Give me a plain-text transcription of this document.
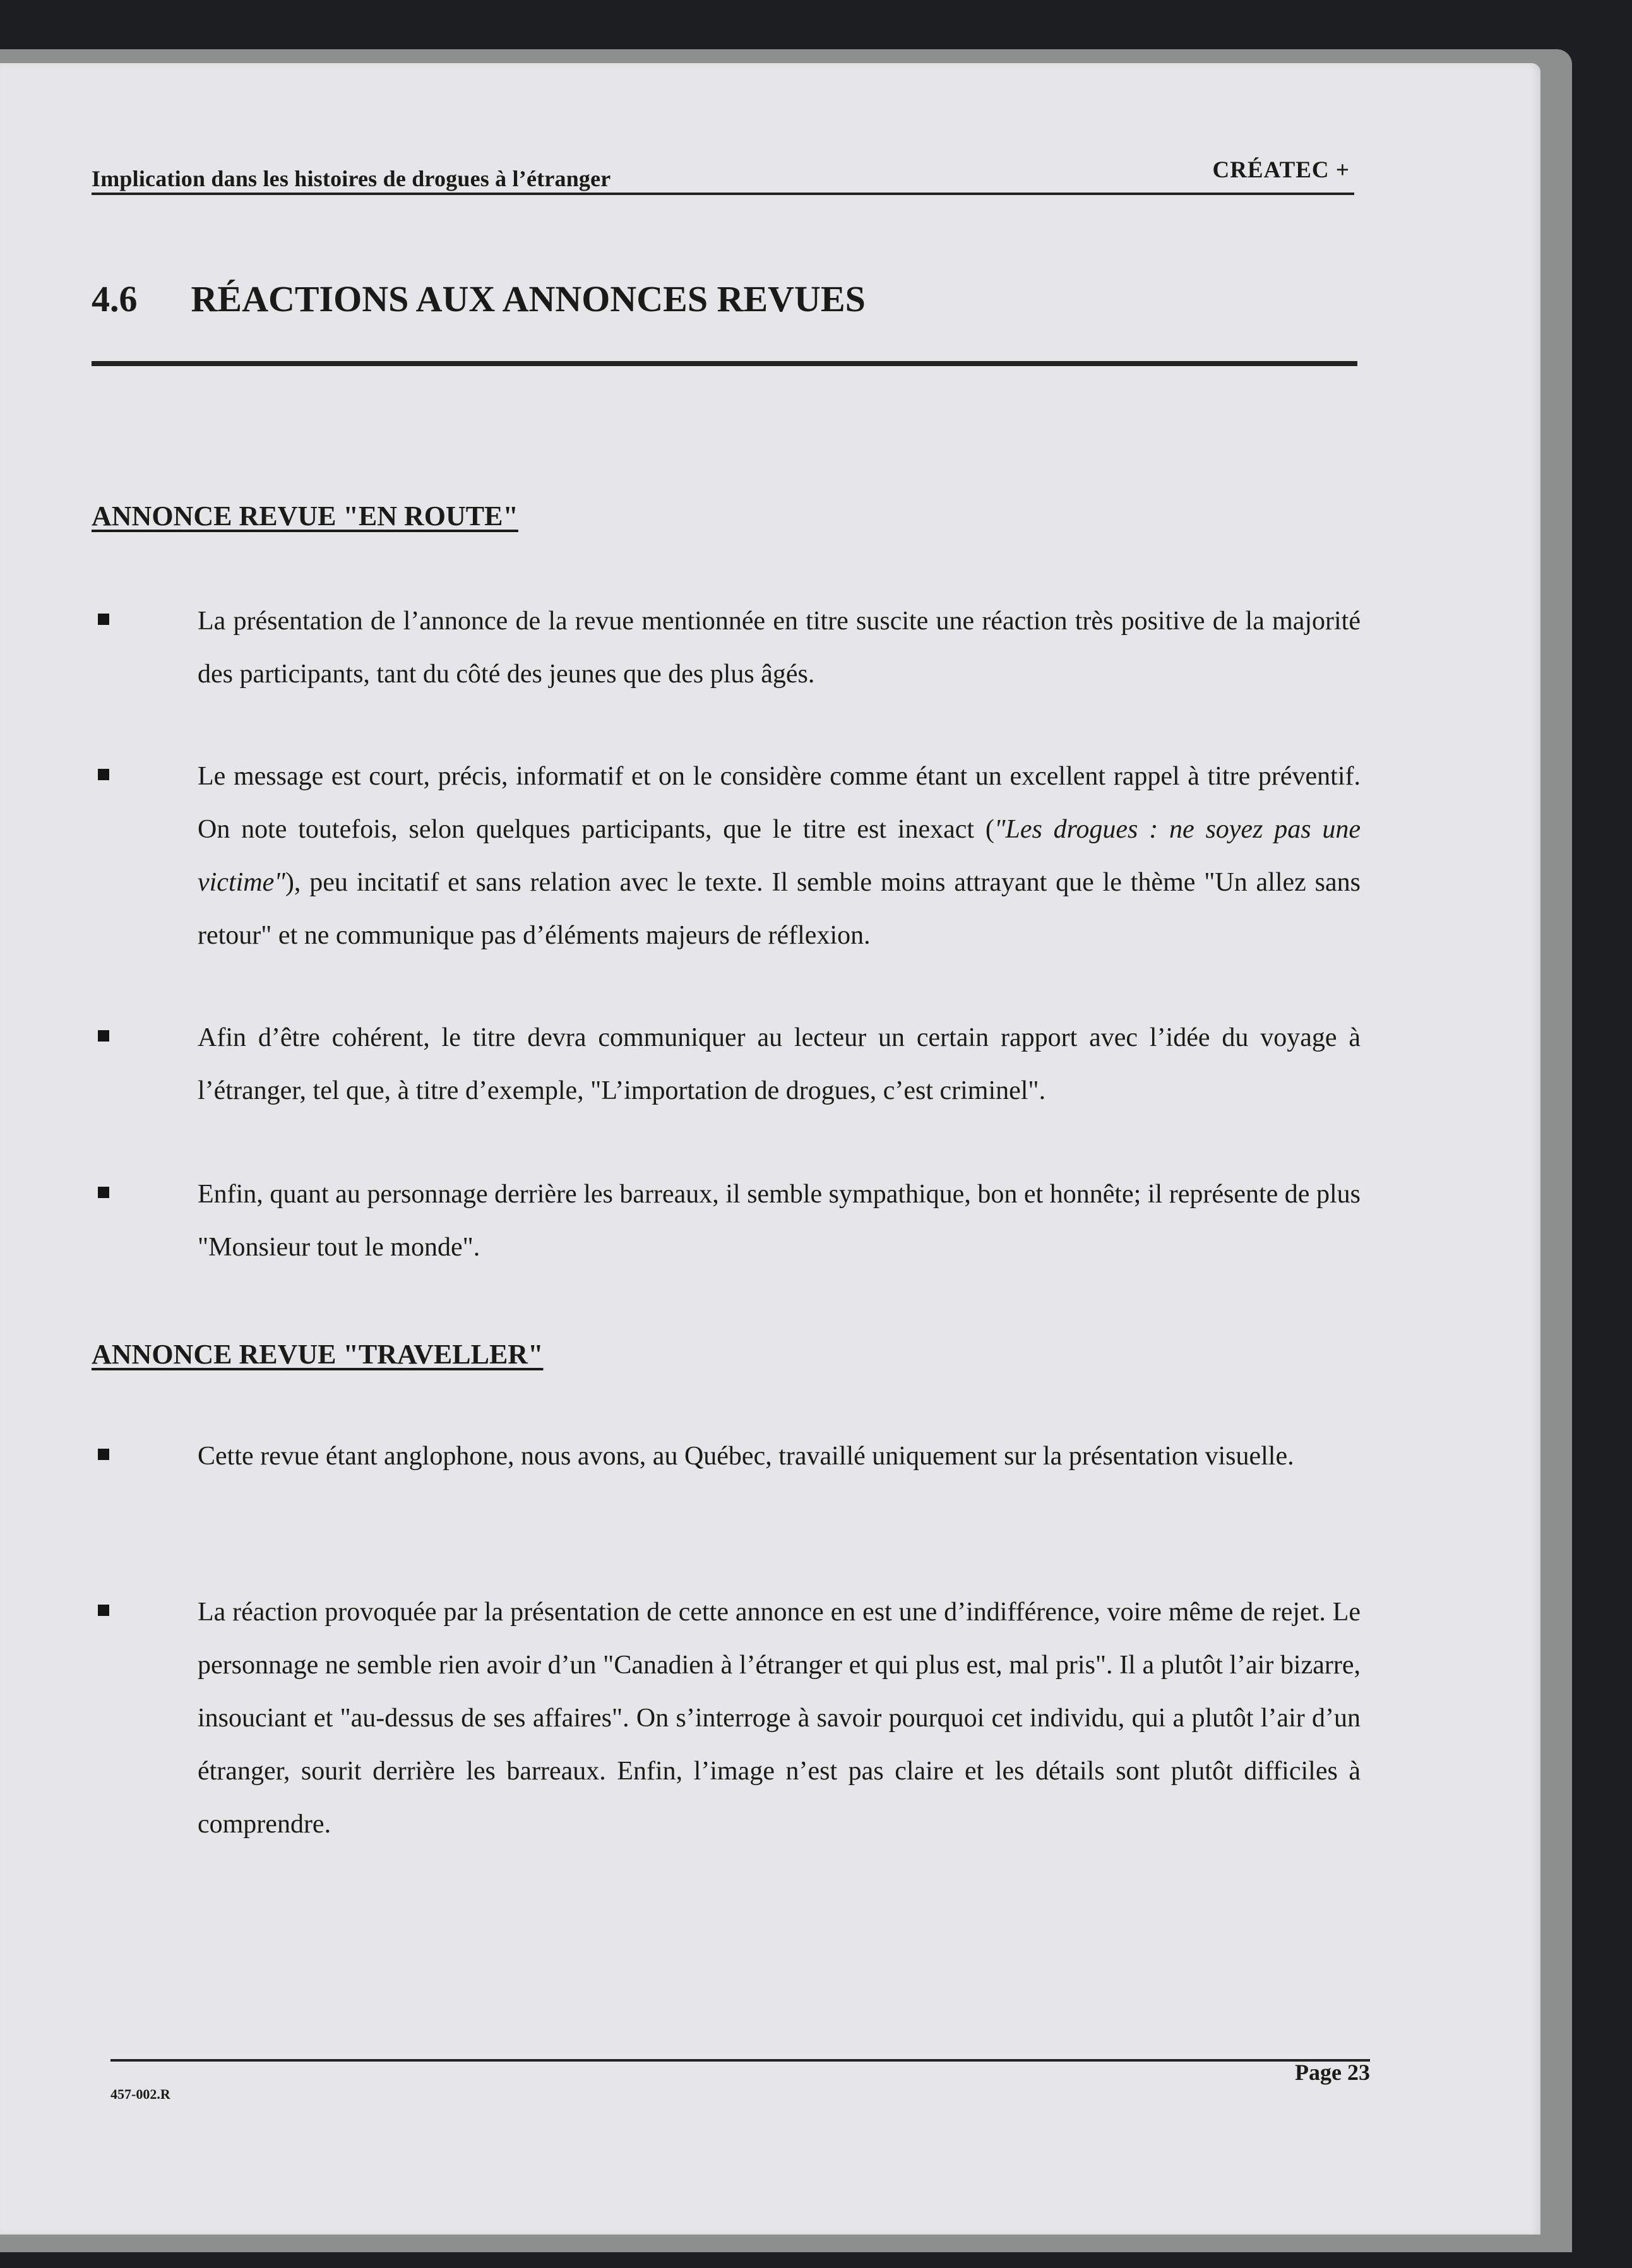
Implication dans les histoires de drogues à l’étranger	CRÉATEC +
4.6 RÉACTIONS AUX ANNONCES REVUES
ANNONCE REVUE "EN ROUTE"
La présentation de l’annonce de la revue mentionnée en titre suscite une réaction très positive de la majorité des participants, tant du côté des jeunes que des plus âgés.
Le message est court, précis, informatif et on le considère comme étant un excellent rappel à titre préventif. On note toutefois, selon quelques participants, que le titre est inexact ("Les drogues : ne soyez pas une victime"), peu incitatif et sans relation avec le texte. Il semble moins attrayant que le thème "Un allez sans retour" et ne communique pas d’éléments majeurs de réflexion.
Afin d’être cohérent, le titre devra communiquer au lecteur un certain rapport avec l’idée du voyage à l’étranger, tel que, à titre d’exemple, "L’importation de drogues, c’est criminel".
Enfin, quant au personnage derrière les barreaux, il semble sympathique, bon et honnête; il représente de plus "Monsieur tout le monde".
ANNONCE REVUE "TRAVELLER"
Cette revue étant anglophone, nous avons, au Québec, travaillé uniquement sur la présentation visuelle.
La réaction provoquée par la présentation de cette annonce en est une d’indifférence, voire même de rejet. Le personnage ne semble rien avoir d’un "Canadien à l’étranger et qui plus est, mal pris". Il a plutôt l’air bizarre, insouciant et "au-dessus de ses affaires". On s’interroge à savoir pourquoi cet individu, qui a plutôt l’air d’un étranger, sourit derrière les barreaux. Enfin, l’image n’est pas claire et les détails sont plutôt difficiles à comprendre.
457-002.R
Page 23
